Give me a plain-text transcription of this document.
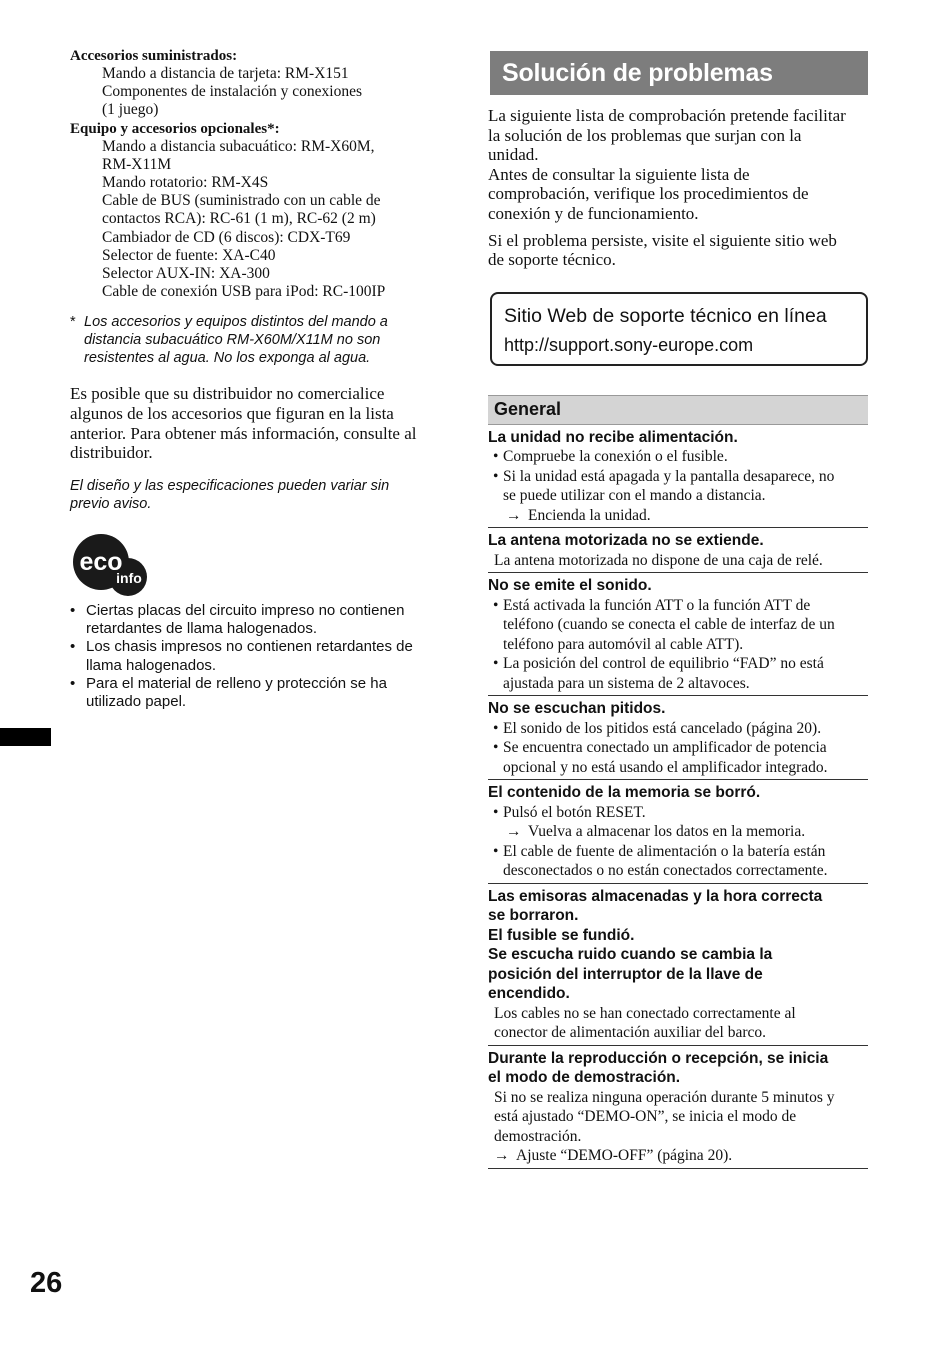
Accesorios suministrados:
Mando a distancia de tarjeta: RM-X151
Componentes de instalación y conexiones
(1 juego)
Equipo y accesorios opcionales*:
Mando a distancia subacuático: RM-X60M,
RM-X11M
Mando rotatorio: RM-X4S
Cable de BUS (suministrado con un cable de
contactos RCA): RC-61 (1 m), RC-62 (2 m)
Cambiador de CD (6 discos): CDX-T69
Selector de fuente: XA-C40
Selector AUX-IN: XA-300
Cable de conexión USB para iPod: RC-100IP
* Los accesorios y equipos distintos del mando a
distancia subacuático RM-X60M/X11M no son
resistentes al agua. No los exponga al agua.
Es posible que su distribuidor no comercialice
algunos de los accesorios que figuran en la lista
anterior. Para obtener más información, consulte al
distribuidor.
El diseño y las especificaciones pueden variar sin
previo aviso.
eco
info
• Ciertas placas del circuito impreso no contienen
retardantes de llama halogenados.
• Los chasis impresos no contienen retardantes de
llama halogenados.
• Para el material de relleno y protección se ha
utilizado papel.
26
Solución de problemas
La siguiente lista de comprobación pretende facilitar
la solución de los problemas que surjan con la
unidad.
Antes de consultar la siguiente lista de
comprobación, verifique los procedimientos de
conexión y de funcionamiento.
Si el problema persiste, visite el siguiente sitio web
de soporte técnico.
Sitio Web de soporte técnico en línea
http://support.sony-europe.com
General
La unidad no recibe alimentación.
• Compruebe la conexión o el fusible.
• Si la unidad está apagada y la pantalla desaparece, no
se puede utilizar con el mando a distancia.
→ Encienda la unidad.
La antena motorizada no se extiende.
La antena motorizada no dispone de una caja de relé.
No se emite el sonido.
• Está activada la función ATT o la función ATT de
teléfono (cuando se conecta el cable de interfaz de un
teléfono para automóvil al cable ATT).
• La posición del control de equilibrio “FAD” no está
ajustada para un sistema de 2 altavoces.
No se escuchan pitidos.
• El sonido de los pitidos está cancelado (página 20).
• Se encuentra conectado un amplificador de potencia
opcional y no está usando el amplificador integrado.
El contenido de la memoria se borró.
• Pulsó el botón RESET.
→ Vuelva a almacenar los datos en la memoria.
• El cable de fuente de alimentación o la batería están
desconectados o no están conectados correctamente.
Las emisoras almacenadas y la hora correcta
se borraron.
El fusible se fundió.
Se escucha ruido cuando se cambia la
posición del interruptor de la llave de
encendido.
Los cables no se han conectado correctamente al
conector de alimentación auxiliar del barco.
Durante la reproducción o recepción, se inicia
el modo de demostración.
Si no se realiza ninguna operación durante 5 minutos y
está ajustado “DEMO-ON”, se inicia el modo de
demostración.
→ Ajuste “DEMO-OFF” (página 20).
